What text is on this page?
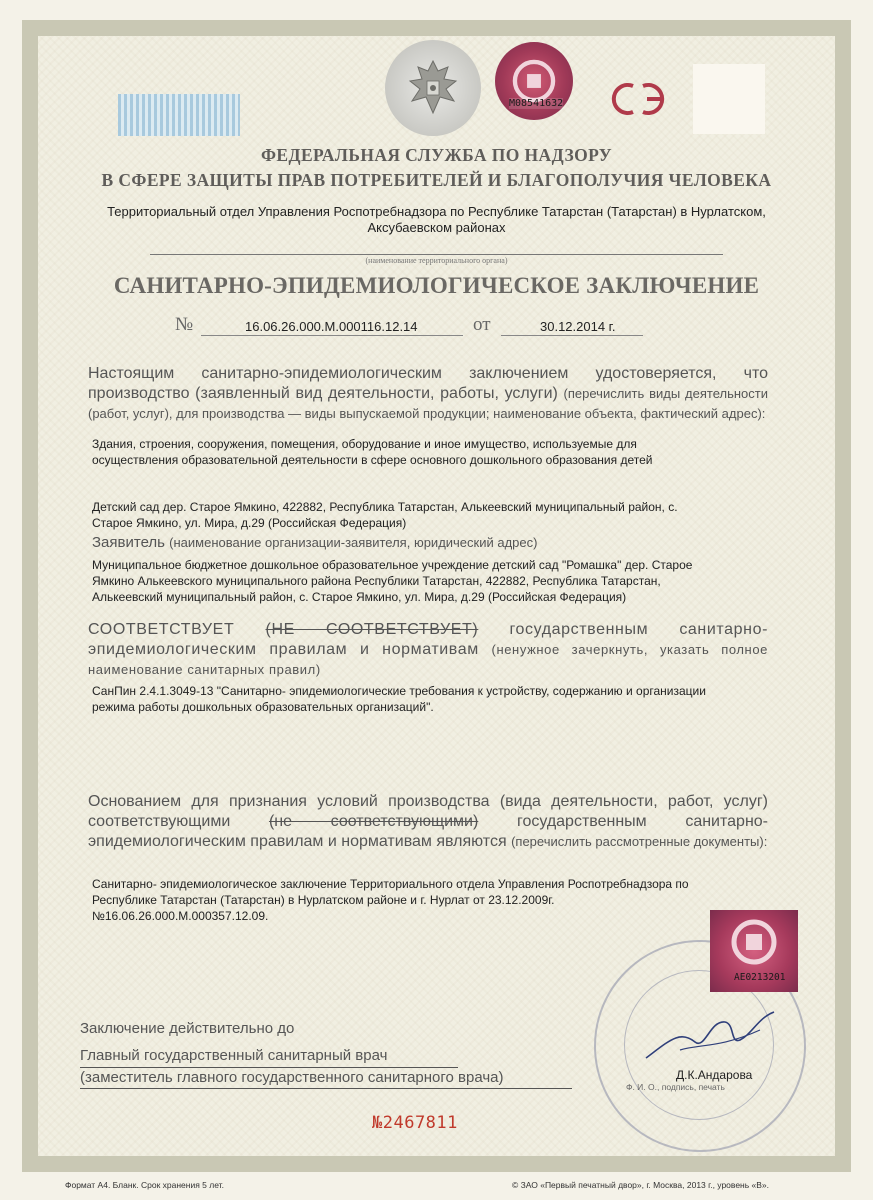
M08541632
ФЕДЕРАЛЬНАЯ СЛУЖБА ПО НАДЗОРУ
В СФЕРЕ ЗАЩИТЫ ПРАВ ПОТРЕБИТЕЛЕЙ И БЛАГОПОЛУЧИЯ ЧЕЛОВЕКА
Территориальный отдел Управления Роспотребнадзора по Республике Татарстан (Татарстан) в Нурлатском,
Аксубаевском районах
(наименование территориального органа)
САНИТАРНО-ЭПИДЕМИОЛОГИЧЕСКОЕ ЗАКЛЮЧЕНИЕ
№	16.06.26.000.М.000116.12.14	от	30.12.2014 г.
Настоящим санитарно-эпидемиологическим заключением удостоверяется, что производство (заявленный вид деятельности, работы, услуги) (перечислить виды деятельности (работ, услуг), для производства — виды выпускаемой продукции; наименование объекта, фактический адрес):
Здания, строения, сооружения, помещения, оборудование и иное имущество, используемые для
осуществления образовательной деятельности в сфере основного дошкольного образования детей
Детский сад дер. Старое Ямкино, 422882, Республика Татарстан, Алькеевский муниципальный район, с.
Старое Ямкино, ул. Мира, д.29 (Российская Федерация)
Заявитель (наименование организации-заявителя, юридический адрес)
Муниципальное бюджетное дошкольное образовательное учреждение детский сад "Ромашка" дер. Старое
Ямкино Алькеевского муниципального района Республики Татарстан, 422882, Республика Татарстан,
Алькеевский муниципальный район, с. Старое Ямкино, ул. Мира, д.29 (Российская Федерация)
СООТВЕТСТВУЕТ (НЕ СООТВЕТСТВУЕТ) государственным санитарно-эпидемиологическим правилам и нормативам (ненужное зачеркнуть, указать полное наименование санитарных правил)
СанПин 2.4.1.3049-13 "Санитарно- эпидемиологические требования к устройству, содержанию и организации
режима работы дошкольных образовательных организаций".
Основанием для признания условий производства (вида деятельности, работ, услуг) соответствующими (не соответствующими) государственным санитарно-эпидемиологическим правилам и нормативам являются (перечислить рассмотренные документы):
Санитарно- эпидемиологическое заключение Территориального отдела Управления Роспотребнадзора по
Республике Татарстан (Татарстан) в Нурлатском районе и г. Нурлат от 23.12.2009г.
№16.06.26.000.М.000357.12.09.
AE0213201
Заключение действительно до
Главный государственный санитарный врач
(заместитель главного государственного санитарного врача)	Д.К.Андарова
Ф. И. О., подпись, печать
№2467811
Формат А4. Бланк. Срок хранения 5 лет.	© ЗАО «Первый печатный двор», г. Москва, 2013 г., уровень «В».
